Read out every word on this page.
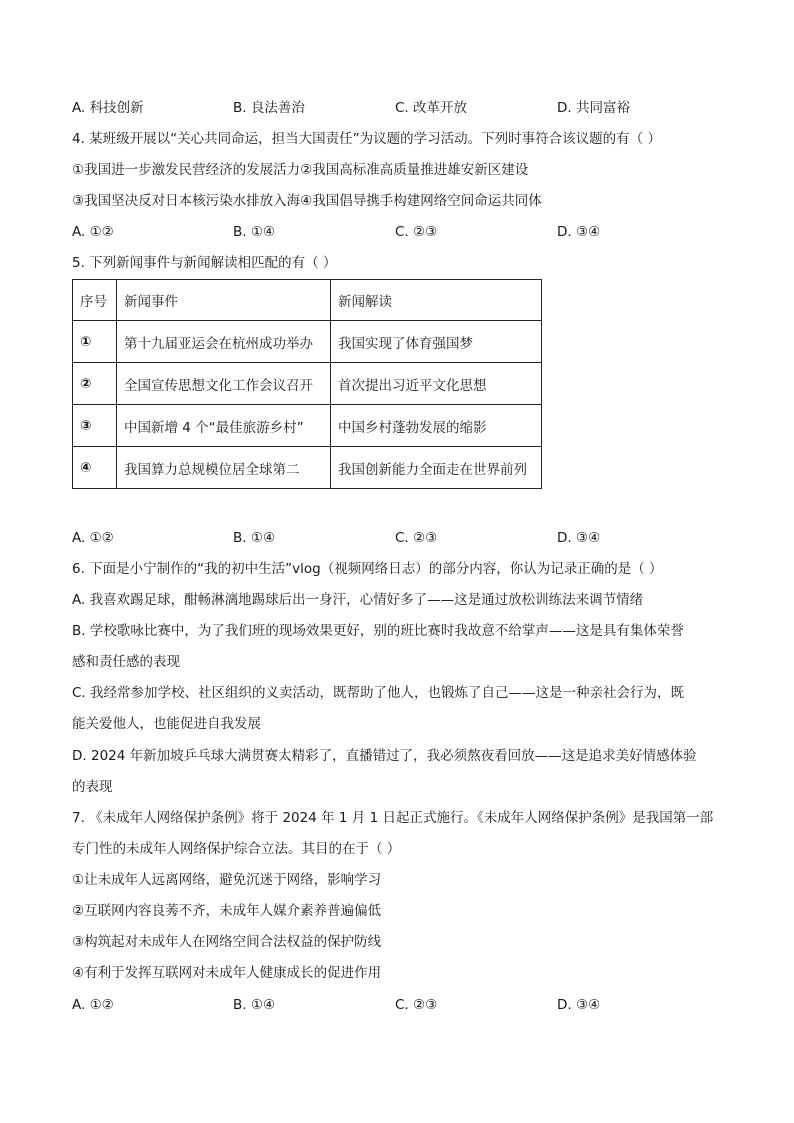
A. 科技创新	B. 良法善治	C. 改革开放	D. 共同富裕
4. 某班级开展以“关心共同命运，担当大国责任”为议题的学习活动。下列时事符合该议题的有（ ）
①我国进一步激发民营经济的发展活力②我国高标准高质量推进雄安新区建设
③我国坚决反对日本核污染水排放入海④我国倡导携手构建网络空间命运共同体
A. ①②	B. ①④	C. ②③	D. ③④
5. 下列新闻事件与新闻解读相匹配的有（ ）
序号	新闻事件	新闻解读
①	第十九届亚运会在杭州成功举办	我国实现了体育强国梦
②	全国宣传思想文化工作会议召开	首次提出习近平文化思想
③	中国新增 4 个“最佳旅游乡村”	中国乡村蓬勃发展的缩影
④	我国算力总规模位居全球第二	我国创新能力全面走在世界前列
A. ①②	B. ①④	C. ②③	D. ③④
6. 下面是小宁制作的“我的初中生活”vlog（视频网络日志）的部分内容，你认为记录正确的是（ ）
A. 我喜欢踢足球，酣畅淋漓地踢球后出一身汗，心情好多了——这是通过放松训练法来调节情绪
B. 学校歌咏比赛中，为了我们班的现场效果更好，别的班比赛时我故意不给掌声——这是具有集体荣誉
感和责任感的表现
C. 我经常参加学校、社区组织的义卖活动，既帮助了他人，也锻炼了自己——这是一种亲社会行为，既
能关爱他人，也能促进自我发展
D. 2024 年新加坡乒乓球大满贯赛太精彩了，直播错过了，我必须熬夜看回放——这是追求美好情感体验
的表现
7. 《未成年人网络保护条例》将于 2024 年 1 月 1 日起正式施行。《未成年人网络保护条例》是我国第一部
专门性的未成年人网络保护综合立法。其目的在于（ ）
①让未成年人远离网络，避免沉迷于网络，影响学习
②互联网内容良莠不齐，未成年人媒介素养普遍偏低
③构筑起对未成年人在网络空间合法权益的保护防线
④有利于发挥互联网对未成年人健康成长的促进作用
A. ①②	B. ①④	C. ②③	D. ③④
